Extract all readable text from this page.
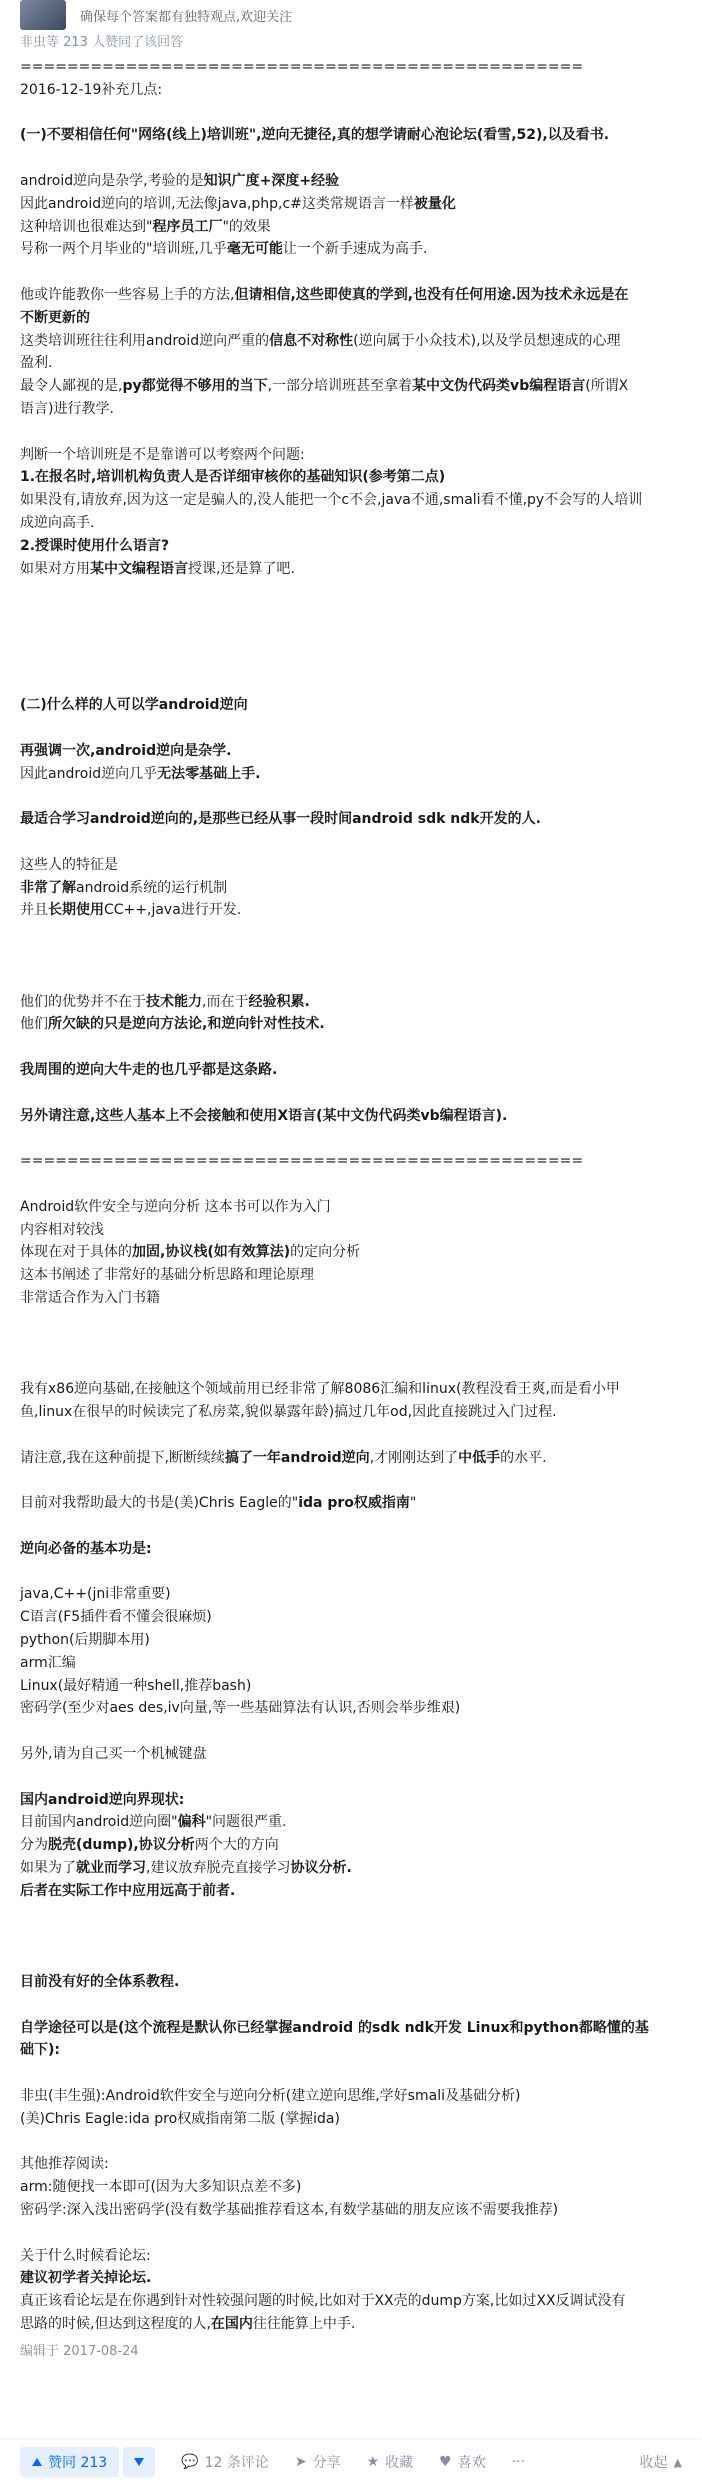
确保每个答案都有独特观点,欢迎关注
非虫等 213 人赞同了该回答

================================================

2016-12-19补充几点:

(一)不要相信任何"网络(线上)培训班",逆向无捷径,真的想学请耐心泡论坛(看雪,52),以及看书.

android逆向是杂学,考验的是知识广度+深度+经验

因此android逆向的培训,无法像java,php,c#这类常规语言一样被量化

这种培训也很难达到"程序员工厂"的效果

号称一两个月毕业的"培训班,几乎毫无可能让一个新手速成为高手.

他或许能教你一些容易上手的方法,但请相信,这些即使真的学到,也没有任何用途.因为技术永远是在

不断更新的

这类培训班往往利用android逆向严重的信息不对称性(逆向属于小众技术),以及学员想速成的心理

盈利.

最令人鄙视的是,py都觉得不够用的当下,一部分培训班甚至拿着某中文伪代码类vb编程语言(所谓X

语言)进行教学.

判断一个培训班是不是靠谱可以考察两个问题:

1.在报名时,培训机构负责人是否详细审核你的基础知识(参考第二点)

如果没有,请放弃,因为这一定是骗人的,没人能把一个c不会,java不通,smali看不懂,py不会写的人培训

成逆向高手.

2.授课时使用什么语言?

如果对方用某中文编程语言授课,还是算了吧.

(二)什么样的人可以学android逆向

再强调一次,android逆向是杂学.

因此android逆向几乎无法零基础上手.

最适合学习android逆向的,是那些已经从事一段时间android sdk ndk开发的人.

这些人的特征是

非常了解android系统的运行机制

并且长期使用CC++,java进行开发.

他们的优势并不在于技术能力,而在于经验积累.

他们所欠缺的只是逆向方法论,和逆向针对性技术.

我周围的逆向大牛走的也几乎都是这条路.

另外请注意,这些人基本上不会接触和使用X语言(某中文伪代码类vb编程语言).

================================================

Android软件安全与逆向分析 这本书可以作为入门

内容相对较浅

体现在对于具体的加固,协议栈(如有效算法)的定向分析

这本书阐述了非常好的基础分析思路和理论原理

非常适合作为入门书籍

我有x86逆向基础,在接触这个领域前用已经非常了解8086汇编和linux(教程没看王爽,而是看小甲

鱼,linux在很早的时候读完了私房菜,貌似暴露年龄)搞过几年od,因此直接跳过入门过程.

请注意,我在这种前提下,断断续续搞了一年android逆向,才刚刚达到了中低手的水平.

目前对我帮助最大的书是(美)Chris Eagle的"ida pro权威指南"

逆向必备的基本功是:

java,C++(jni非常重要)

C语言(F5插件看不懂会很麻烦)

python(后期脚本用)

arm汇编

Linux(最好精通一种shell,推荐bash)

密码学(至少对aes des,iv向量,等一些基础算法有认识,否则会举步维艰)

另外,请为自己买一个机械键盘

国内android逆向界现状:

目前国内android逆向圈"偏科"问题很严重.

分为脱壳(dump),协议分析两个大的方向

如果为了就业而学习,建议放弃脱壳直接学习协议分析.

后者在实际工作中应用远高于前者.

目前没有好的全体系教程.

自学途径可以是(这个流程是默认你已经掌握android 的sdk ndk开发 Linux和python都略懂的基

础下):

非虫(丰生强):Android软件安全与逆向分析(建立逆向思维,学好smali及基础分析)

(美)Chris Eagle:ida pro权威指南第二版 (掌握ida)

其他推荐阅读:

arm:随便找一本即可(因为大多知识点差不多)

密码学:深入浅出密码学(没有数学基础推荐看这本,有数学基础的朋友应该不需要我推荐)

关于什么时候看论坛:

建议初学者关掉论坛.

真正该看论坛是在你遇到针对性较强问题的时候,比如对于XX壳的dump方案,比如过XX反调试没有

思路的时候,但达到这程度的人,在国内往往能算上中手.

编辑于 2017-08-24
赞同 213	💬 12 条评论 ➤ 分享 ★ 收藏 ♥ 喜欢 ···	收起 ▲
